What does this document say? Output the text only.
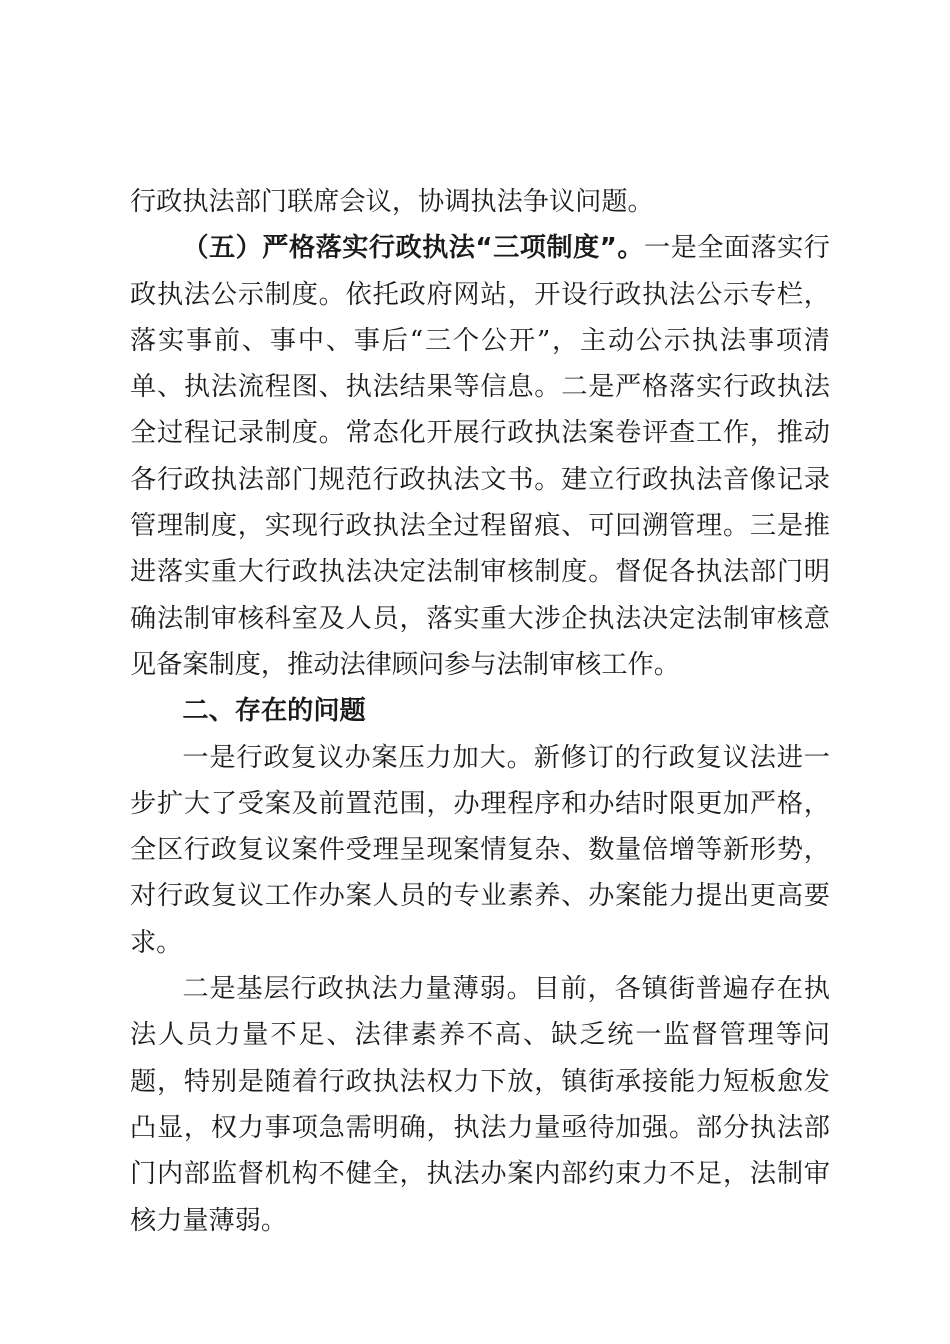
行政执法部门联席会议，协调执法争议问题。

（五）严格落实行政执法“三项制度”。一是全面落实行政执法公示制度。依托政府网站，开设行政执法公示专栏，落实事前、事中、事后“三个公开”，主动公示执法事项清单、执法流程图、执法结果等信息。二是严格落实行政执法全过程记录制度。常态化开展行政执法案卷评查工作，推动各行政执法部门规范行政执法文书。建立行政执法音像记录管理制度，实现行政执法全过程留痕、可回溯管理。三是推进落实重大行政执法决定法制审核制度。督促各执法部门明确法制审核科室及人员，落实重大涉企执法决定法制审核意见备案制度，推动法律顾问参与法制审核工作。

二、存在的问题

一是行政复议办案压力加大。新修订的行政复议法进一步扩大了受案及前置范围，办理程序和办结时限更加严格，全区行政复议案件受理呈现案情复杂、数量倍增等新形势，对行政复议工作办案人员的专业素养、办案能力提出更高要求。

二是基层行政执法力量薄弱。目前，各镇街普遍存在执法人员力量不足、法律素养不高、缺乏统一监督管理等问题，特别是随着行政执法权力下放，镇街承接能力短板愈发凸显，权力事项急需明确，执法力量亟待加强。部分执法部门内部监督机构不健全，执法办案内部约束力不足，法制审核力量薄弱。
